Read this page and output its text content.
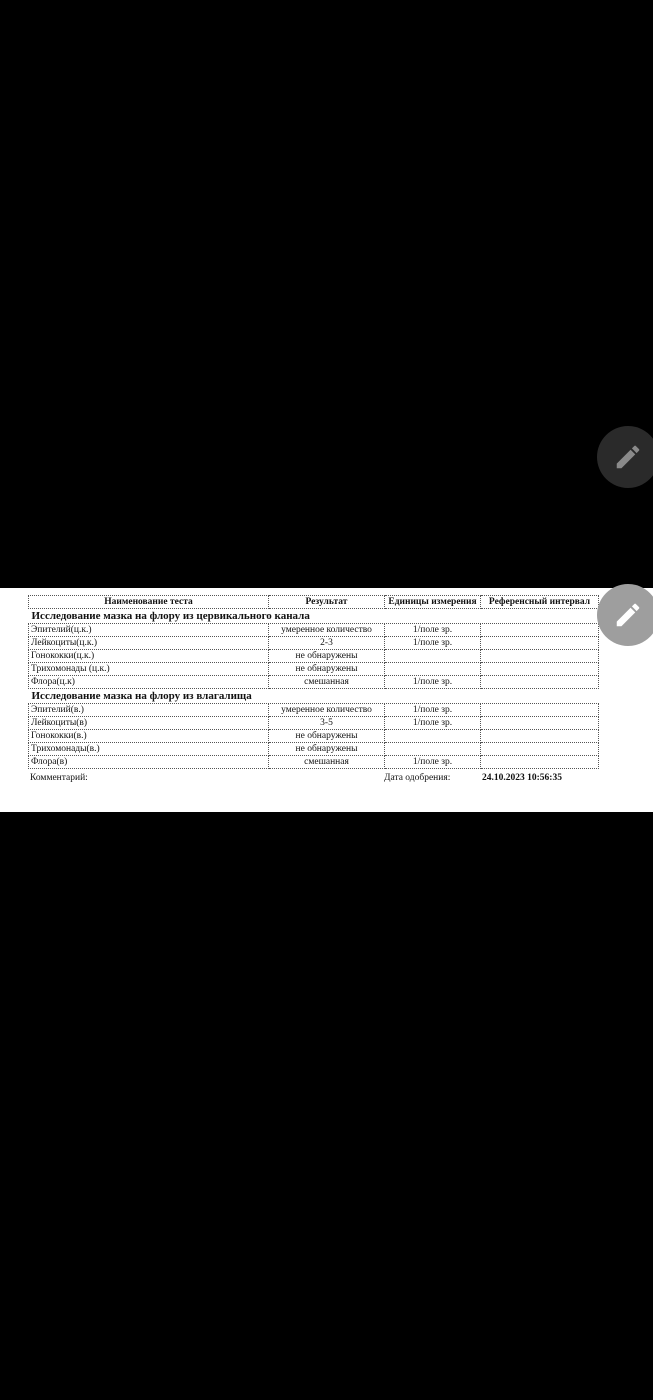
Наименование теста	Результат	Единицы измерения	Референсный интервал
Исследование мазка на флору из цервикального канала			
Эпителий(ц.к.)	умеренное количество	1/поле зр.	
Лейкоциты(ц.к.)	2-3	1/поле зр.	
Гонококки(ц.к.)	не обнаружены		
Трихомонады (ц.к.)	не обнаружены		
Флора(ц.к)	смешанная	1/поле зр.	
Исследование мазка на флору из влагалища			
Эпителий(в.)	умеренное количество	1/поле зр.	
Лейкоциты(в)	3-5	1/поле зр.	
Гонококки(в.)	не обнаружены		
Трихомонады(в.)	не обнаружены		
Флора(в)	смешанная	1/поле зр.	
Комментарий:	Дата одобрения:	24.10.2023 10:56:35
